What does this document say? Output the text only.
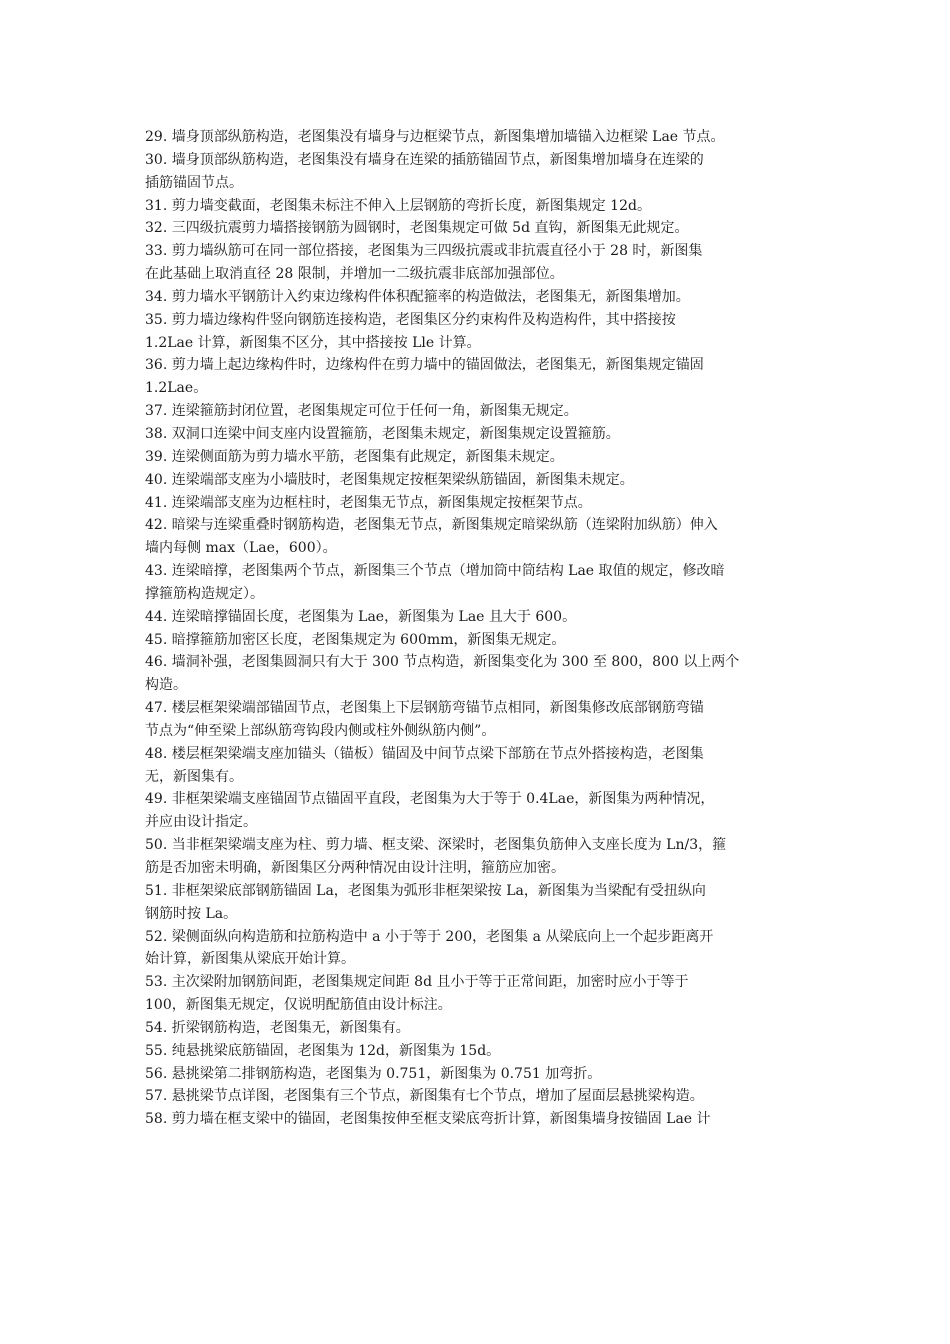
29. 墙身顶部纵筋构造，老图集没有墙身与边框梁节点，新图集增加墙锚入边框梁 Lae 节点。
30. 墙身顶部纵筋构造，老图集没有墙身在连梁的插筋锚固节点，新图集增加墙身在连梁的
插筋锚固节点。
31. 剪力墙变截面，老图集未标注不伸入上层钢筋的弯折长度，新图集规定 12d。
32. 三四级抗震剪力墙搭接钢筋为圆钢时，老图集规定可做 5d 直钩，新图集无此规定。
33. 剪力墙纵筋可在同一部位搭接，老图集为三四级抗震或非抗震直径小于 28 时，新图集
在此基础上取消直径 28 限制，并增加一二级抗震非底部加强部位。
34. 剪力墙水平钢筋计入约束边缘构件体积配箍率的构造做法，老图集无，新图集增加。
35. 剪力墙边缘构件竖向钢筋连接构造，老图集区分约束构件及构造构件，其中搭接按
1.2Lae 计算，新图集不区分，其中搭接按 Lle 计算。
36. 剪力墙上起边缘构件时，边缘构件在剪力墙中的锚固做法，老图集无，新图集规定锚固
1.2Lae。
37. 连梁箍筋封闭位置，老图集规定可位于任何一角，新图集无规定。
38. 双洞口连梁中间支座内设置箍筋，老图集未规定，新图集规定设置箍筋。
39. 连梁侧面筋为剪力墙水平筋，老图集有此规定，新图集未规定。
40. 连梁端部支座为小墙肢时，老图集规定按框架梁纵筋锚固，新图集未规定。
41. 连梁端部支座为边框柱时，老图集无节点，新图集规定按框架节点。
42. 暗梁与连梁重叠时钢筋构造，老图集无节点，新图集规定暗梁纵筋（连梁附加纵筋）伸入
墙内每侧 max（Lae，600）。
43. 连梁暗撑，老图集两个节点，新图集三个节点（增加筒中筒结构 Lae 取值的规定，修改暗
撑箍筋构造规定）。
44. 连梁暗撑锚固长度，老图集为 Lae，新图集为 Lae 且大于 600。
45. 暗撑箍筋加密区长度，老图集规定为 600mm，新图集无规定。
46. 墙洞补强，老图集圆洞只有大于 300 节点构造，新图集变化为 300 至 800，800 以上两个
构造。
47. 楼层框架梁端部锚固节点，老图集上下层钢筋弯锚节点相同，新图集修改底部钢筋弯锚
节点为“伸至梁上部纵筋弯钩段内侧或柱外侧纵筋内侧”。
48. 楼层框架梁端支座加锚头（锚板）锚固及中间节点梁下部筋在节点外搭接构造，老图集
无，新图集有。
49. 非框架梁端支座锚固节点锚固平直段，老图集为大于等于 0.4Lae，新图集为两种情况，
并应由设计指定。
50. 当非框架梁端支座为柱、剪力墙、框支梁、深梁时，老图集负筋伸入支座长度为 Ln/3，箍
筋是否加密未明确，新图集区分两种情况由设计注明，箍筋应加密。
51. 非框架梁底部钢筋锚固 La，老图集为弧形非框架梁按 La，新图集为当梁配有受扭纵向
钢筋时按 La。
52. 梁侧面纵向构造筋和拉筋构造中 a 小于等于 200，老图集 a 从梁底向上一个起步距离开
始计算，新图集从梁底开始计算。
53. 主次梁附加钢筋间距，老图集规定间距 8d 且小于等于正常间距，加密时应小于等于
100，新图集无规定，仅说明配筋值由设计标注。
54. 折梁钢筋构造，老图集无，新图集有。
55. 纯悬挑梁底筋锚固，老图集为 12d，新图集为 15d。
56. 悬挑梁第二排钢筋构造，老图集为 0.751，新图集为 0.751 加弯折。
57. 悬挑梁节点详图，老图集有三个节点，新图集有七个节点，增加了屋面层悬挑梁构造。
58. 剪力墙在框支梁中的锚固，老图集按伸至框支梁底弯折计算，新图集墙身按锚固 Lae 计
